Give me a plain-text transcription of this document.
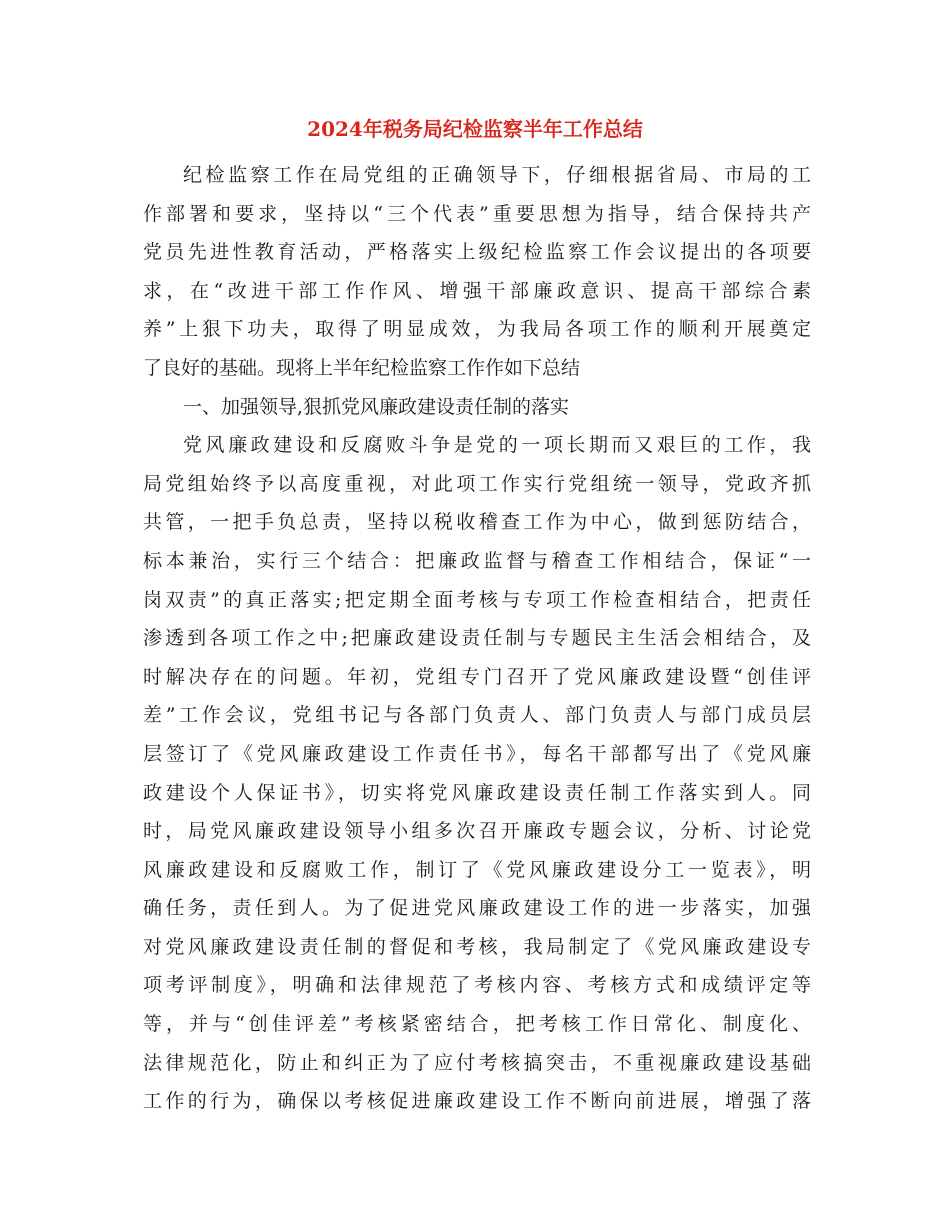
2024年税务局纪检监察半年工作总结
纪检监察工作在局党组的正确领导下，仔细根据省局、市局的工
作部署和要求，坚持以“三个代表”重要思想为指导，结合保持共产
党员先进性教育活动，严格落实上级纪检监察工作会议提出的各项要
求，在“改进干部工作作风、增强干部廉政意识、提高干部综合素
养”上狠下功夫，取得了明显成效，为我局各项工作的顺利开展奠定
了良好的基础。现将上半年纪检监察工作作如下总结
一、加强领导,狠抓党风廉政建设责任制的落实
党风廉政建设和反腐败斗争是党的一项长期而又艰巨的工作，我
局党组始终予以高度重视，对此项工作实行党组统一领导，党政齐抓
共管，一把手负总责，坚持以税收稽查工作为中心，做到惩防结合，
标本兼治，实行三个结合：把廉政监督与稽查工作相结合，保证“一
岗双责”的真正落实;把定期全面考核与专项工作检查相结合，把责任
渗透到各项工作之中;把廉政建设责任制与专题民主生活会相结合，及
时解决存在的问题。年初，党组专门召开了党风廉政建设暨“创佳评
差”工作会议，党组书记与各部门负责人、部门负责人与部门成员层
层签订了《党风廉政建设工作责任书》，每名干部都写出了《党风廉
政建设个人保证书》，切实将党风廉政建设责任制工作落实到人。同
时，局党风廉政建设领导小组多次召开廉政专题会议，分析、讨论党
风廉政建设和反腐败工作，制订了《党风廉政建设分工一览表》，明
确任务，责任到人。为了促进党风廉政建设工作的进一步落实，加强
对党风廉政建设责任制的督促和考核，我局制定了《党风廉政建设专
项考评制度》，明确和法律规范了考核内容、考核方式和成绩评定等
等，并与“创佳评差”考核紧密结合，把考核工作日常化、制度化、
法律规范化，防止和纠正为了应付考核搞突击，不重视廉政建设基础
工作的行为，确保以考核促进廉政建设工作不断向前进展，增强了落
